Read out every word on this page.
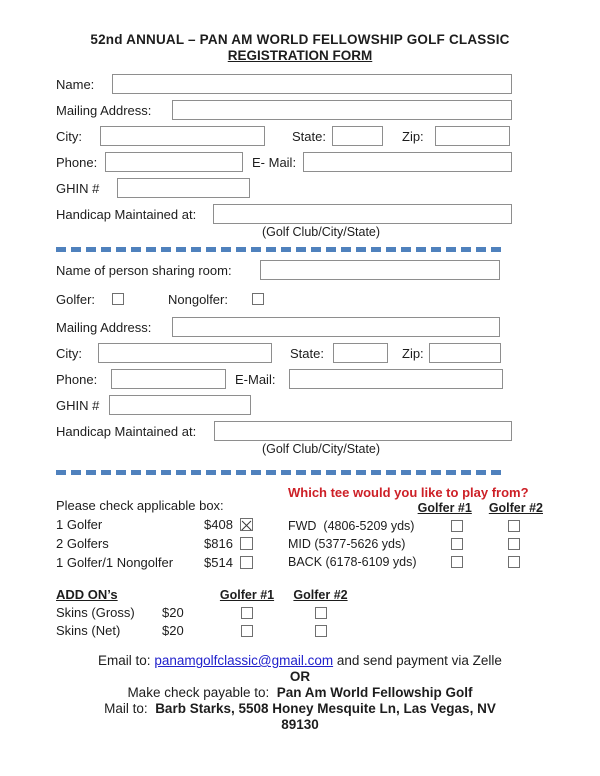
52nd ANNUAL – PAN AM WORLD FELLOWSHIP GOLF CLASSIC
REGISTRATION FORM
Name:
Mailing Address:
City:	State:	Zip:
Phone:	E- Mail:
GHIN #
Handicap Maintained at:
(Golf Club/City/State)
Name of person sharing room:
Golfer:	Nongolfer:
Mailing Address:
City:	State:	Zip:
Phone:	E-Mail:
GHIN #
Handicap Maintained at:
(Golf Club/City/State)
Please check applicable box:
1 Golfer	$408
2 Golfers	$816
1 Golfer/1 Nongolfer	$514
Which tee would you like to play from?
Golfer #1 Golfer #2
FWD  (4806-5209 yds)
MID (5377-5626 yds)
BACK (6178-6109 yds)
ADD ON’s	Golfer #1 Golfer #2
Skins (Gross)	$20
Skins (Net)	$20
Email to: panamgolfclassic@gmail.com and send payment via Zelle
OR
Make check payable to:  Pan Am World Fellowship Golf
Mail to:  Barb Starks, 5508 Honey Mesquite Ln, Las Vegas, NV
89130
